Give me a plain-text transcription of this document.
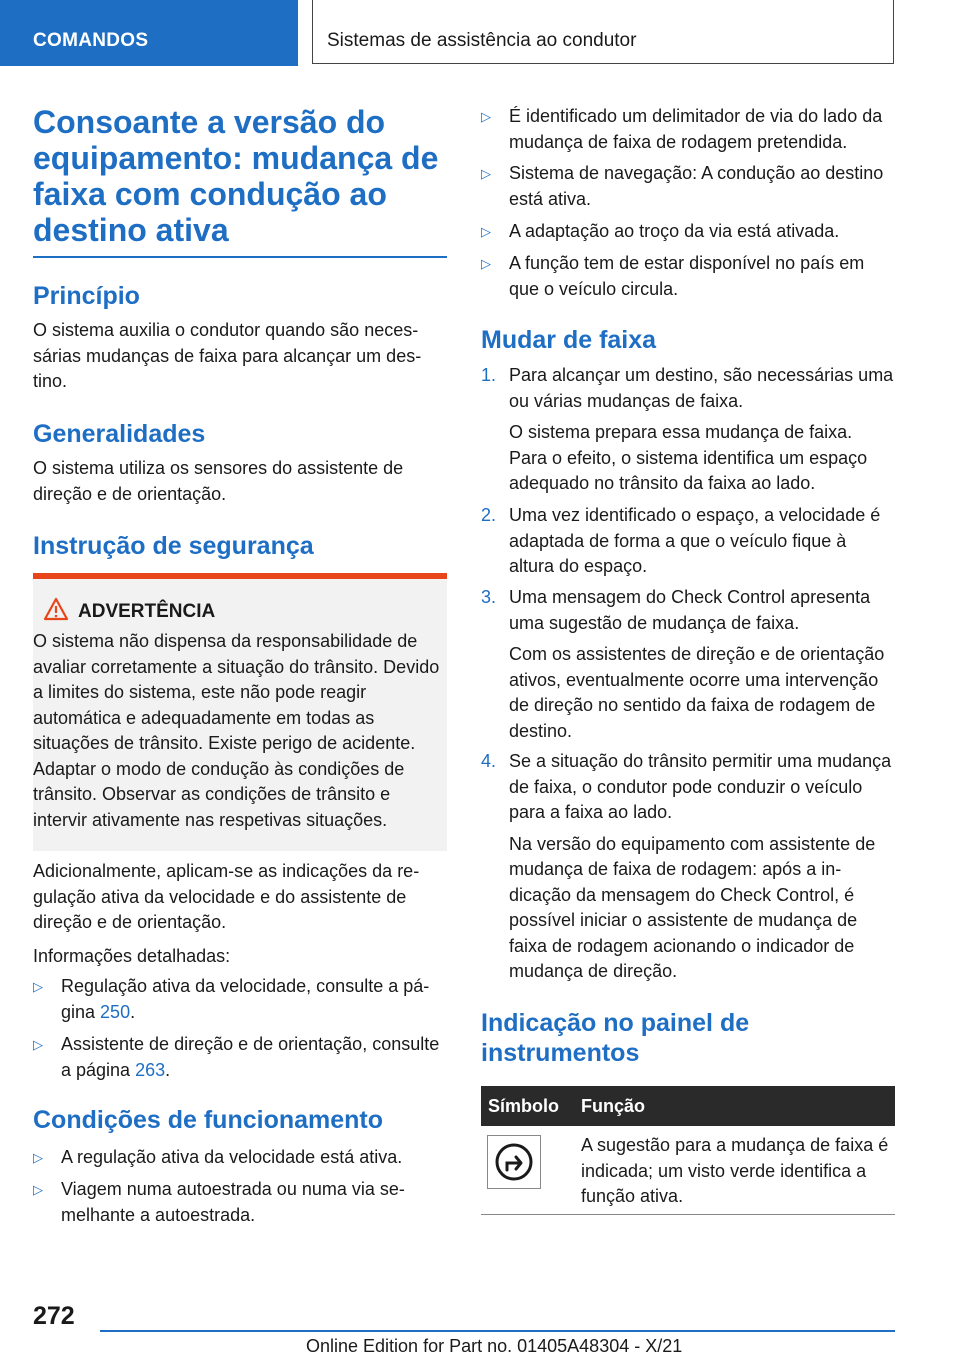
COMANDOS	Sistemas de assistência ao condutor
Consoante a versão do equipamento: mudança de faixa com condução ao destino ativa
Princípio

O sistema auxilia o condutor quando são necessárias mudanças de faixa para alcançar um destino.

Generalidades

O sistema utiliza os sensores do assistente de direção e de orientação.

Instrução de segurança
ADVERTÊNCIA
O sistema não dispensa da responsabilidade de avaliar corretamente a situação do trânsito. Devido a limites do sistema, este não pode reagir automática e adequadamente em todas as situações de trânsito. Existe perigo de acidente. Adaptar o modo de condução às condições de trânsito. Observar as condições de trânsito e intervir ativamente nas respetivas situações.

Adicionalmente, aplicam-se as indicações da regulação ativa da velocidade e do assistente de direção e de orientação.

Informações detalhadas:

▷	Regulação ativa da velocidade, consulte a página 250.
▷	Assistente de direção e de orientação, consulte a página 263.
Condições de funcionamento
▷	A regulação ativa da velocidade está ativa.
▷	Viagem numa autoestrada ou numa via semelhante a autoestrada.
▷	É identificado um delimitador de via do lado da mudança de faixa de rodagem pretendida.
▷	Sistema de navegação: A condução ao destino está ativa.
▷	A adaptação ao troço da via está ativada.
▷	A função tem de estar disponível no país em que o veículo circula.
Mudar de faixa
1. Para alcançar um destino, são necessárias uma ou várias mudanças de faixa.
O sistema prepara essa mudança de faixa. Para o efeito, o sistema identifica um espaço adequado no trânsito da faixa ao lado.
2. Uma vez identificado o espaço, a velocidade é adaptada de forma a que o veículo fique à altura do espaço.
3. Uma mensagem do Check Control apresenta uma sugestão de mudança de faixa.
Com os assistentes de direção e de orientação ativos, eventualmente ocorre uma intervenção de direção no sentido da faixa de rodagem de destino.
4. Se a situação do trânsito permitir uma mudança de faixa, o condutor pode conduzir o veículo para a faixa ao lado.
Na versão do equipamento com assistente de mudança de faixa de rodagem: após a indicação da mensagem do Check Control, é possível iniciar o assistente de mudança de faixa de rodagem acionando o indicador de mudança de direção.
Indicação no painel de instrumentos
Símbolo Função

A sugestão para a mudança de faixa é indicada; um visto verde identifica a função ativa.

272
Online Edition for Part no. 01405A48304 - X/21
